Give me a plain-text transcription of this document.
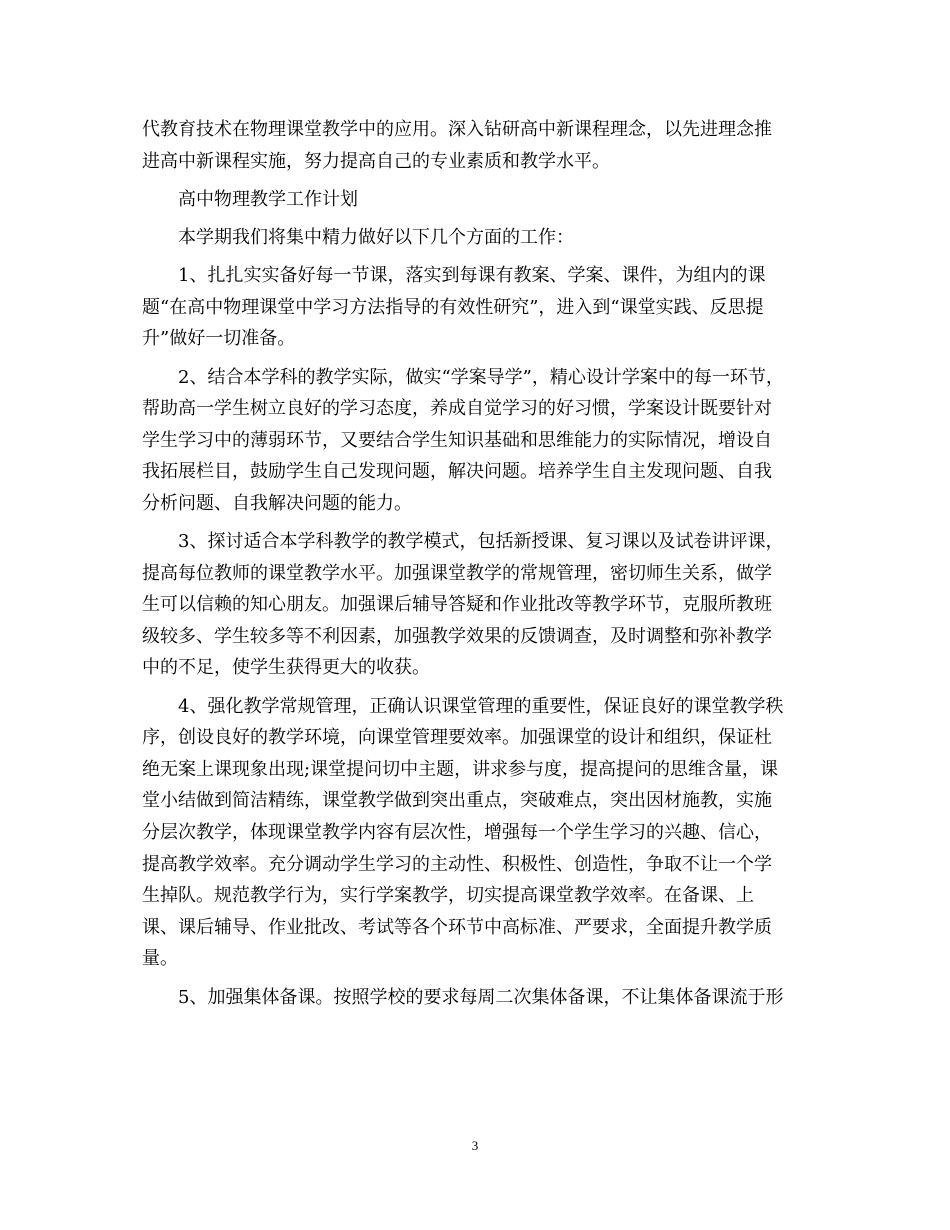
代教育技术在物理课堂教学中的应用。深入钻研高中新课程理念，以先进理念推
进高中新课程实施，努力提高自己的专业素质和教学水平。

　　高中物理教学工作计划

　　本学期我们将集中精力做好以下几个方面的工作：

　　1、扎扎实实备好每一节课，落实到每课有教案、学案、课件，为组内的课
题“在高中物理课堂中学习方法指导的有效性研究”，进入到“课堂实践、反思提
升”做好一切准备。

　　2、结合本学科的教学实际，做实“学案导学”，精心设计学案中的每一环节，
帮助高一学生树立良好的学习态度，养成自觉学习的好习惯，学案设计既要针对
学生学习中的薄弱环节，又要结合学生知识基础和思维能力的实际情况，增设自
我拓展栏目，鼓励学生自己发现问题，解决问题。培养学生自主发现问题、自我
分析问题、自我解决问题的能力。

　　3、探讨适合本学科教学的教学模式，包括新授课、复习课以及试卷讲评课，
提高每位教师的课堂教学水平。加强课堂教学的常规管理，密切师生关系，做学
生可以信赖的知心朋友。加强课后辅导答疑和作业批改等教学环节，克服所教班
级较多、学生较多等不利因素，加强教学效果的反馈调查，及时调整和弥补教学
中的不足，使学生获得更大的收获。

　　4、强化教学常规管理，正确认识课堂管理的重要性，保证良好的课堂教学秩
序，创设良好的教学环境，向课堂管理要效率。加强课堂的设计和组织，保证杜
绝无案上课现象出现;课堂提问切中主题，讲求参与度，提高提问的思维含量，课
堂小结做到简洁精练，课堂教学做到突出重点，突破难点，突出因材施教，实施
分层次教学，体现课堂教学内容有层次性，增强每一个学生学习的兴趣、信心，
提高教学效率。充分调动学生学习的主动性、积极性、创造性，争取不让一个学
生掉队。规范教学行为，实行学案教学，切实提高课堂教学效率。在备课、上
课、课后辅导、作业批改、考试等各个环节中高标准、严要求，全面提升教学质
量。

　　5、加强集体备课。按照学校的要求每周二次集体备课，不让集体备课流于形

3
